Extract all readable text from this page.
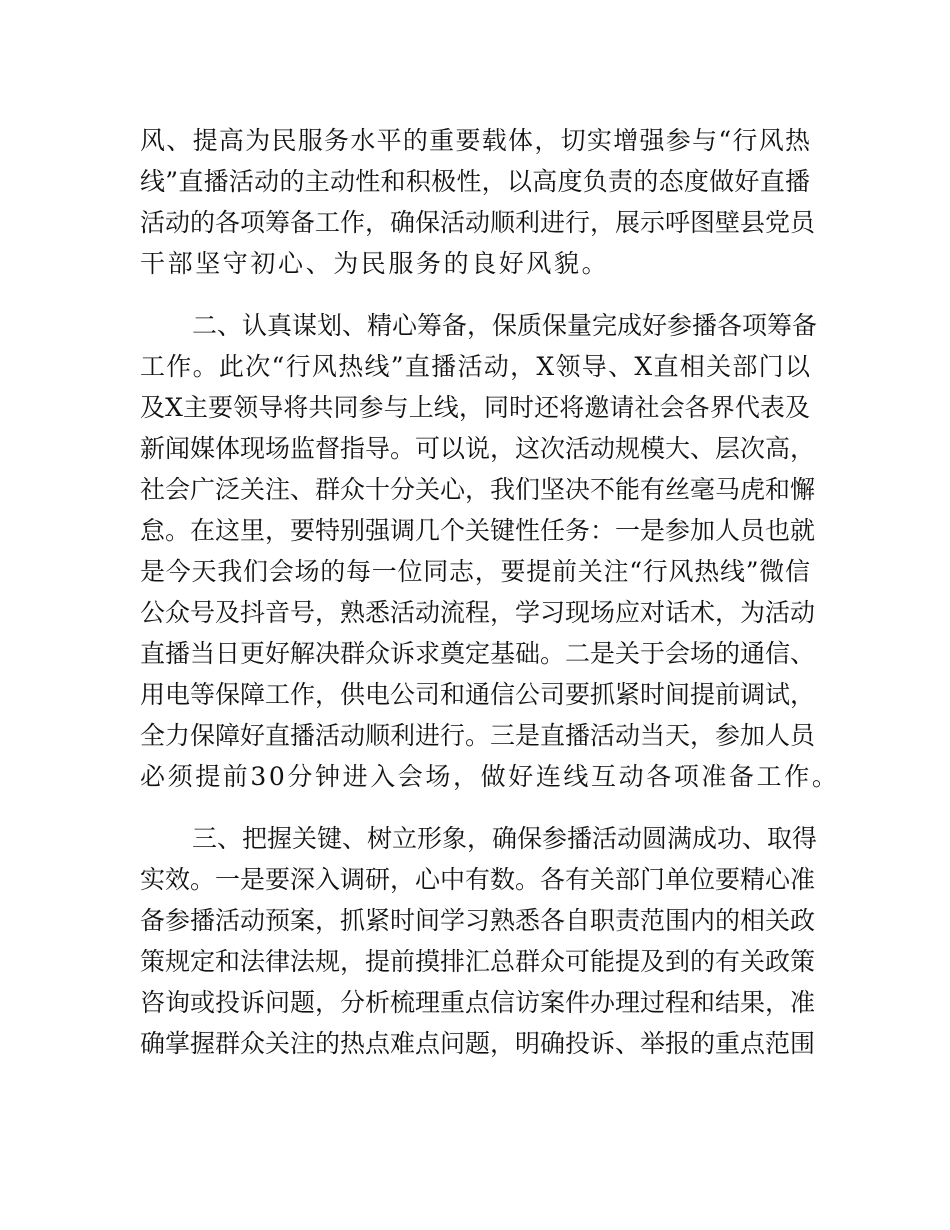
风、提高为民服务水平的重要载体，切实增强参与“行风热
线”直播活动的主动性和积极性，以高度负责的态度做好直播
活动的各项筹备工作，确保活动顺利进行，展示呼图壁县党员
干部坚守初心、为民服务的良好风貌。
二、认真谋划、精心筹备，保质保量完成好参播各项筹备
工作。此次“行风热线”直播活动，X领导、X直相关部门以
及X主要领导将共同参与上线，同时还将邀请社会各界代表及
新闻媒体现场监督指导。可以说，这次活动规模大、层次高，
社会广泛关注、群众十分关心，我们坚决不能有丝毫马虎和懈
怠。在这里，要特别强调几个关键性任务：一是参加人员也就
是今天我们会场的每一位同志，要提前关注“行风热线”微信
公众号及抖音号，熟悉活动流程，学习现场应对话术，为活动
直播当日更好解决群众诉求奠定基础。二是关于会场的通信、
用电等保障工作，供电公司和通信公司要抓紧时间提前调试，
全力保障好直播活动顺利进行。三是直播活动当天，参加人员
必须提前30分钟进入会场，做好连线互动各项准备工作。
三、把握关键、树立形象，确保参播活动圆满成功、取得
实效。一是要深入调研，心中有数。各有关部门单位要精心准
备参播活动预案，抓紧时间学习熟悉各自职责范围内的相关政
策规定和法律法规，提前摸排汇总群众可能提及到的有关政策
咨询或投诉问题，分析梳理重点信访案件办理过程和结果，准
确掌握群众关注的热点难点问题，明确投诉、举报的重点范围
